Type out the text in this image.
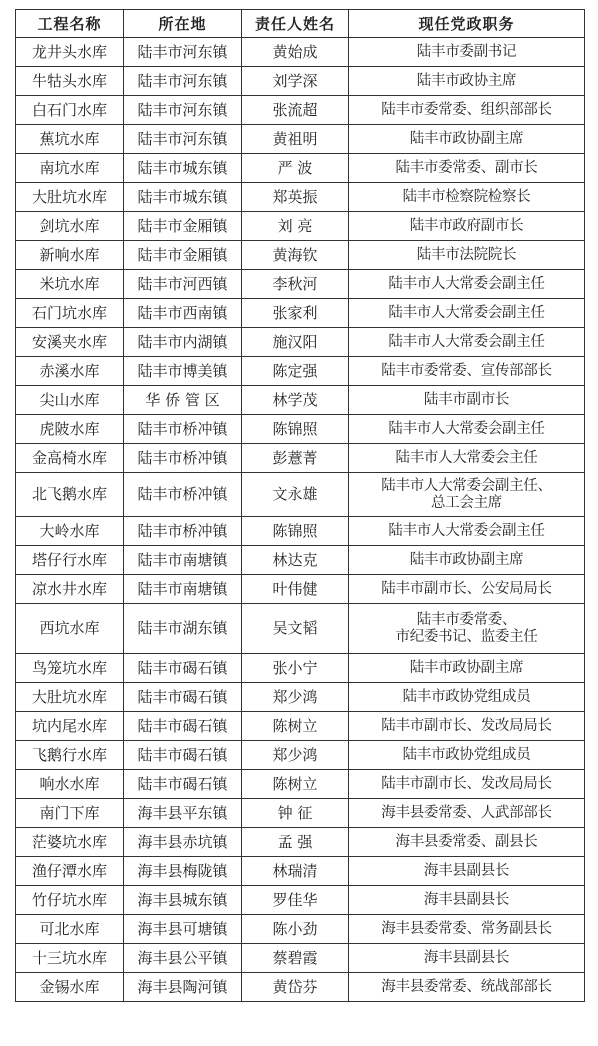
工程名称	所在地	责任人姓名	现任党政职务
龙井头水库	陆丰市河东镇	黄始成	陆丰市委副书记
牛牯头水库	陆丰市河东镇	刘学深	陆丰市政协主席
白石门水库	陆丰市河东镇	张流超	陆丰市委常委、组织部部长
蕉坑水库	陆丰市河东镇	黄祖明	陆丰市政协副主席
南坑水库	陆丰市城东镇	严 波	陆丰市委常委、副市长
大肚坑水库	陆丰市城东镇	郑英振	陆丰市检察院检察长
剑坑水库	陆丰市金厢镇	刘 亮	陆丰市政府副市长
新响水库	陆丰市金厢镇	黄海钦	陆丰市法院院长
米坑水库	陆丰市河西镇	李秋河	陆丰市人大常委会副主任
石门坑水库	陆丰市西南镇	张家利	陆丰市人大常委会副主任
安溪夹水库	陆丰市内湖镇	施汉阳	陆丰市人大常委会副主任
赤溪水库	陆丰市博美镇	陈定强	陆丰市委常委、宣传部部长
尖山水库	华 侨 管 区	林学茂	陆丰市副市长
虎陂水库	陆丰市桥冲镇	陈锦照	陆丰市人大常委会副主任
金高椅水库	陆丰市桥冲镇	彭薏菁	陆丰市人大常委会主任
北飞鹅水库	陆丰市桥冲镇	文永雄	陆丰市人大常委会副主任、
总工会主席
大岭水库	陆丰市桥冲镇	陈锦照	陆丰市人大常委会副主任
塔仔行水库	陆丰市南塘镇	林达克	陆丰市政协副主席
凉水井水库	陆丰市南塘镇	叶伟健	陆丰市副市长、公安局局长
西坑水库	陆丰市湖东镇	吴文韬	陆丰市委常委、
市纪委书记、监委主任
鸟笼坑水库	陆丰市碣石镇	张小宁	陆丰市政协副主席
大肚坑水库	陆丰市碣石镇	郑少鸿	陆丰市政协党组成员
坑内尾水库	陆丰市碣石镇	陈树立	陆丰市副市长、发改局局长
飞鹅行水库	陆丰市碣石镇	郑少鸿	陆丰市政协党组成员
响水水库	陆丰市碣石镇	陈树立	陆丰市副市长、发改局局长
南门下库	海丰县平东镇	钟 征	海丰县委常委、人武部部长
茫婆坑水库	海丰县赤坑镇	孟 强	海丰县委常委、副县长
渔仔潭水库	海丰县梅陇镇	林瑞清	海丰县副县长
竹仔坑水库	海丰县城东镇	罗佳华	海丰县副县长
可北水库	海丰县可塘镇	陈小劲	海丰县委常委、常务副县长
十三坑水库	海丰县公平镇	蔡碧霞	海丰县副县长
金锡水库	海丰县陶河镇	黄岱芬	海丰县委常委、统战部部长
